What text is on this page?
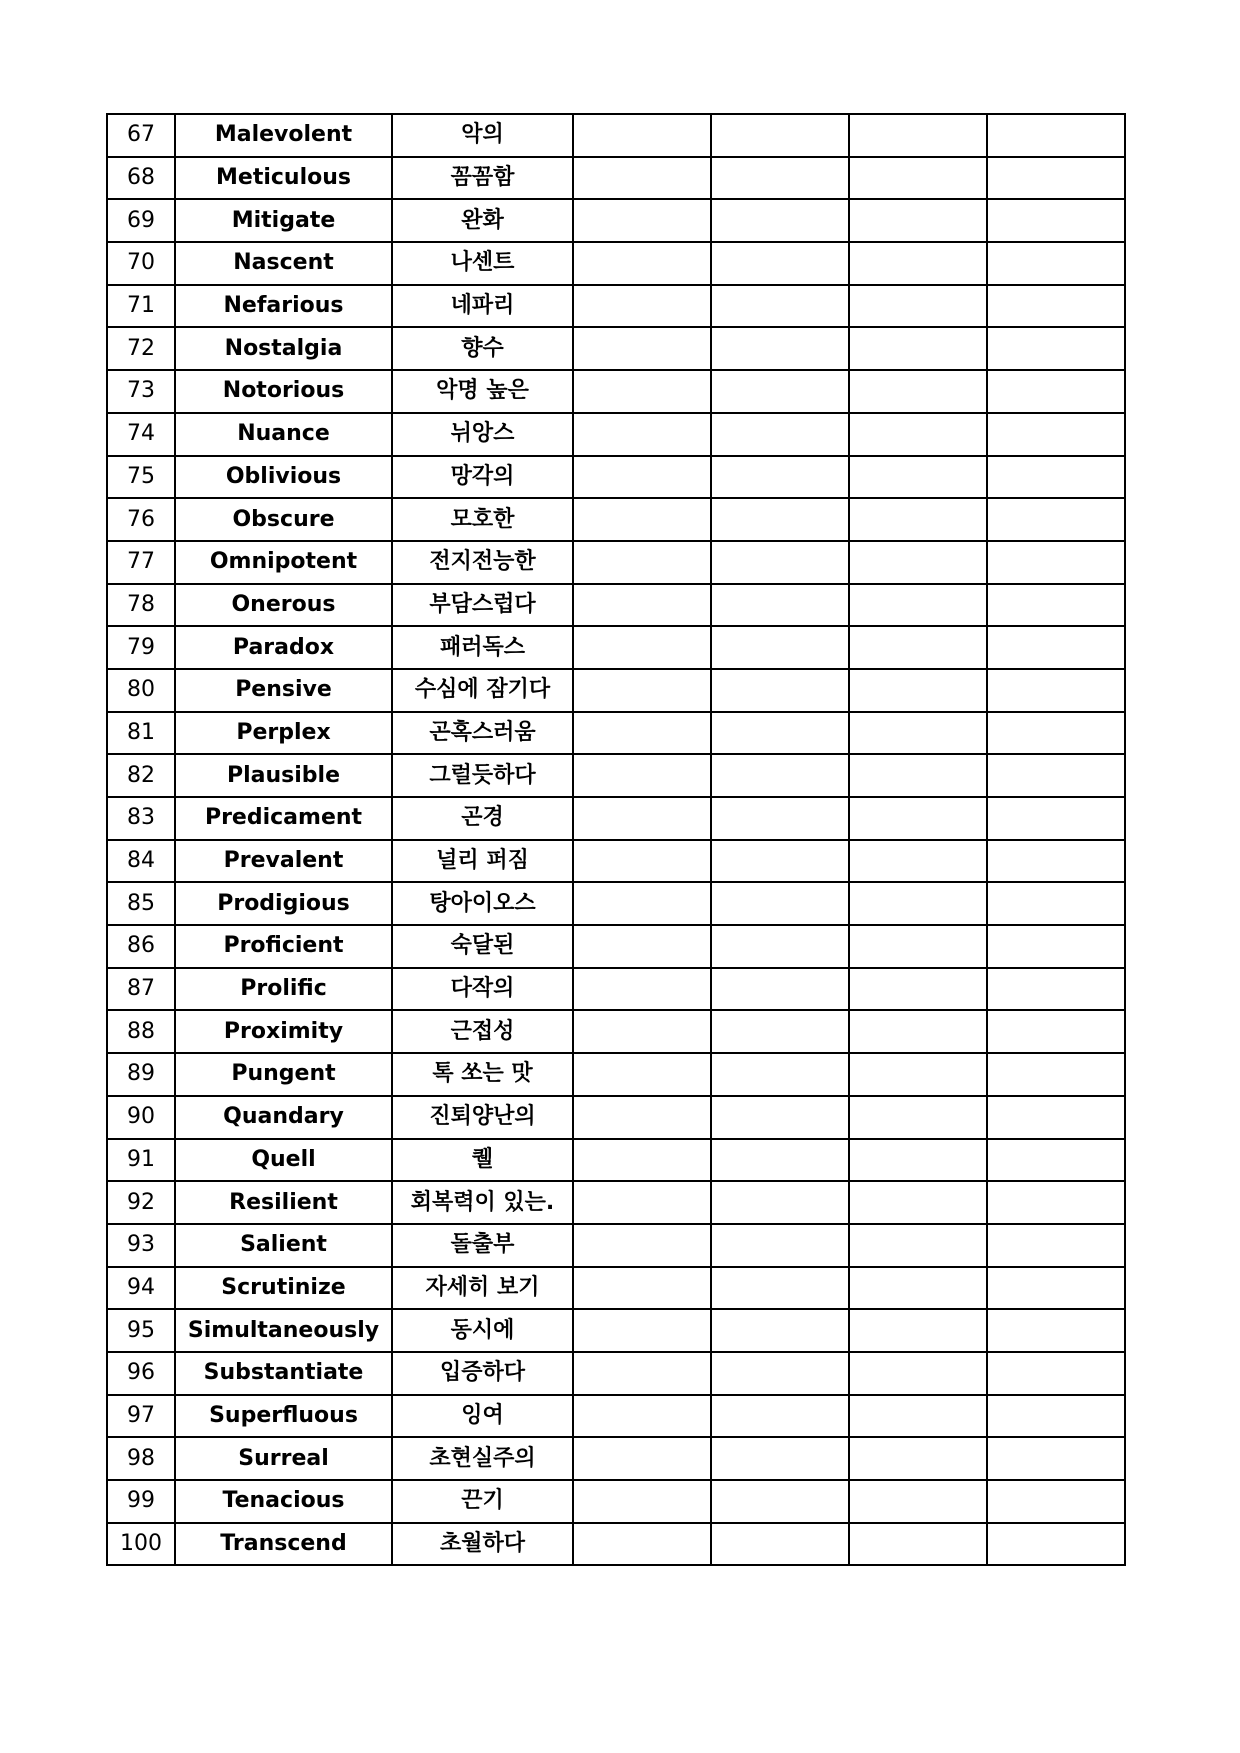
67	Malevolent	악의				
68	Meticulous	꼼꼼함				
69	Mitigate	완화				
70	Nascent	나센트				
71	Nefarious	네파리				
72	Nostalgia	향수				
73	Notorious	악명 높은				
74	Nuance	뉘앙스				
75	Oblivious	망각의				
76	Obscure	모호한				
77	Omnipotent	전지전능한				
78	Onerous	부담스럽다				
79	Paradox	패러독스				
80	Pensive	수심에 잠기다				
81	Perplex	곤혹스러움				
82	Plausible	그럴듯하다				
83	Predicament	곤경				
84	Prevalent	널리 퍼짐				
85	Prodigious	탕아이오스				
86	Proficient	숙달된				
87	Prolific	다작의				
88	Proximity	근접성				
89	Pungent	톡 쏘는 맛				
90	Quandary	진퇴양난의				
91	Quell	퀠				
92	Resilient	회복력이 있는.				
93	Salient	돌출부				
94	Scrutinize	자세히 보기				
95	Simultaneously	동시에				
96	Substantiate	입증하다				
97	Superfluous	잉여				
98	Surreal	초현실주의				
99	Tenacious	끈기				
100	Transcend	초월하다				
